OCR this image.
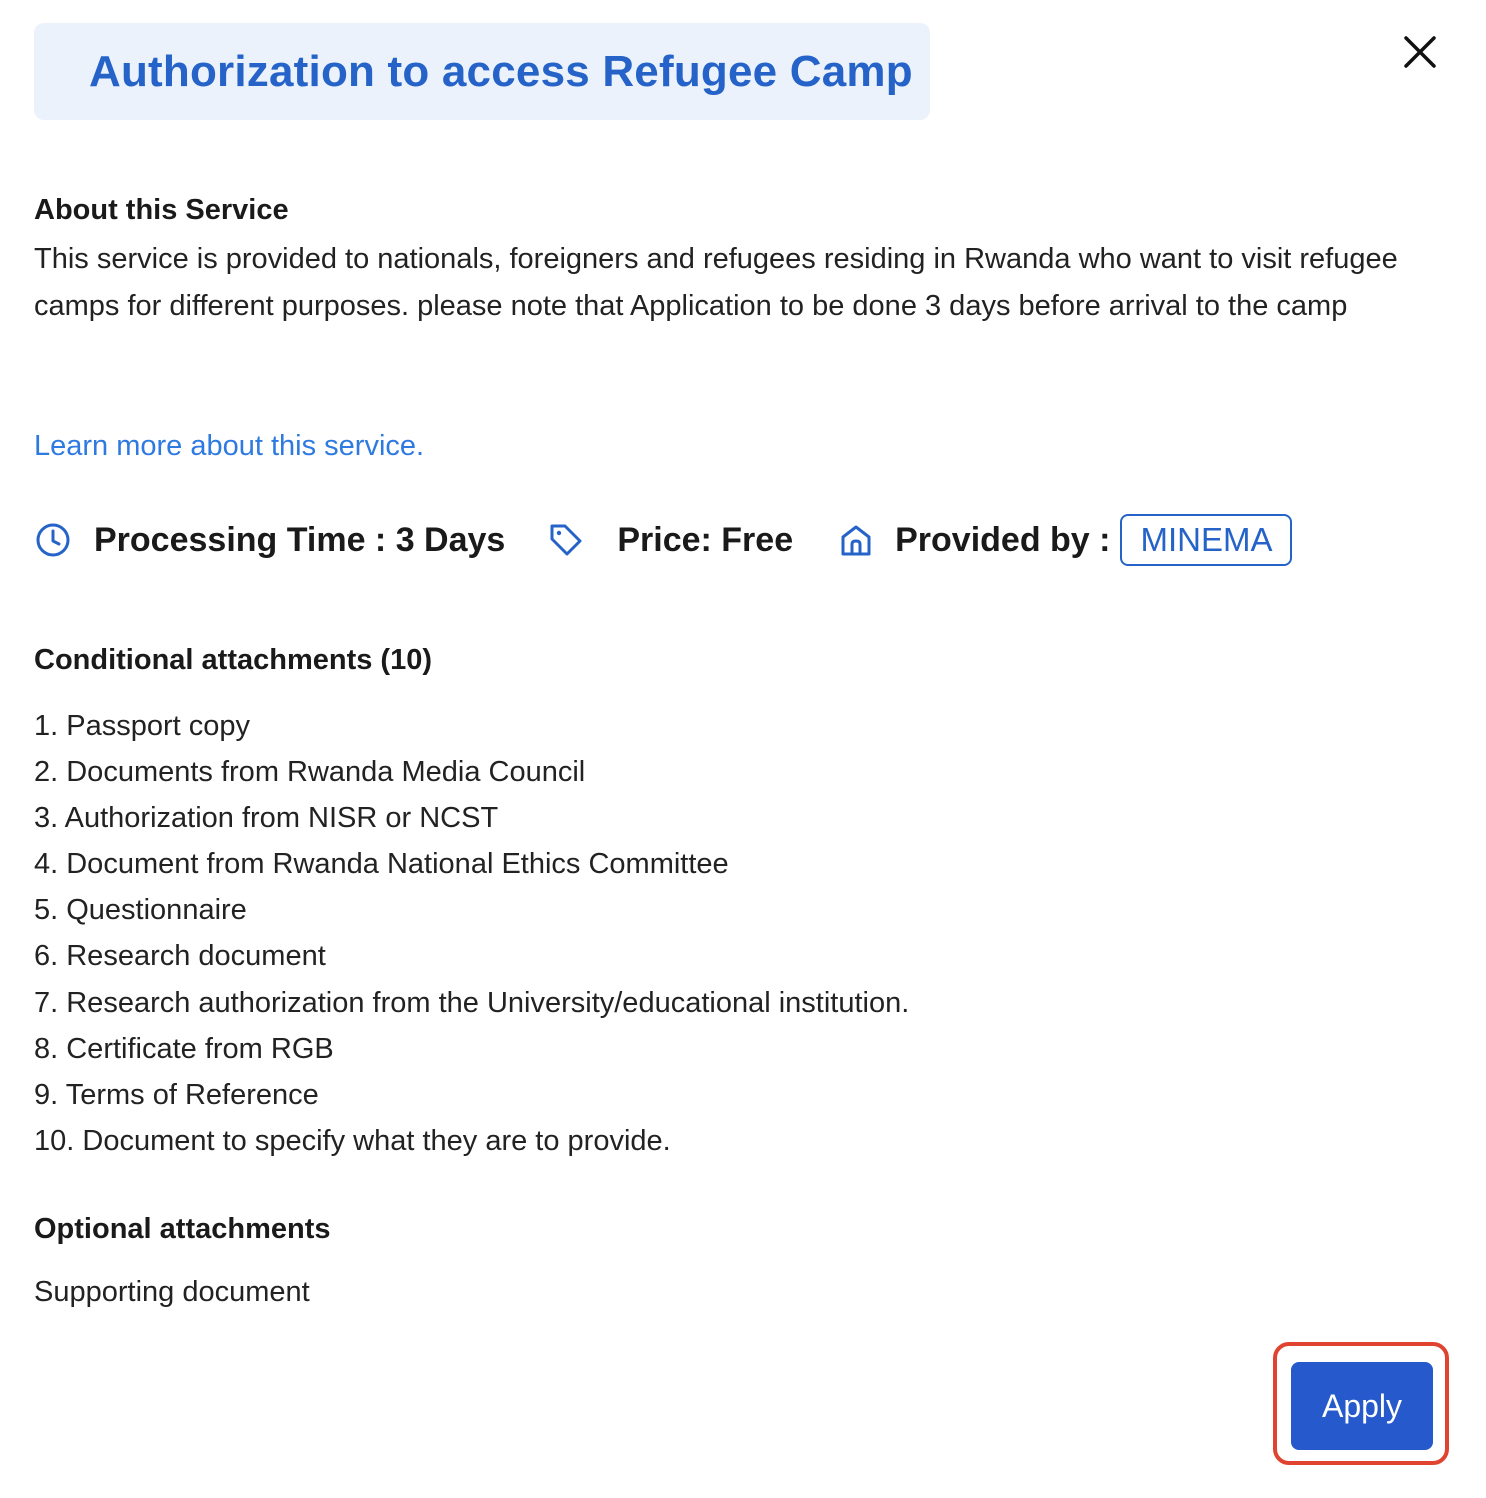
Authorization to access Refugee Camp
About this Service

This service is provided to nationals, foreigners and refugees residing in Rwanda who want to visit refugee camps for different purposes. please note that Application to be done 3 days before arrival to the camp

Learn more about this service.
Processing Time : 3 Days	Price: Free	Provided by : MINEMA
Conditional attachments (10)
1. Passport copy
2. Documents from Rwanda Media Council
3. Authorization from NISR or NCST
4. Document from Rwanda National Ethics Committee
5. Questionnaire
6. Research document
7. Research authorization from the University/educational institution.
8. Certificate from RGB
9. Terms of Reference
10. Document to specify what they are to provide.
Optional attachments
Supporting document
Apply
